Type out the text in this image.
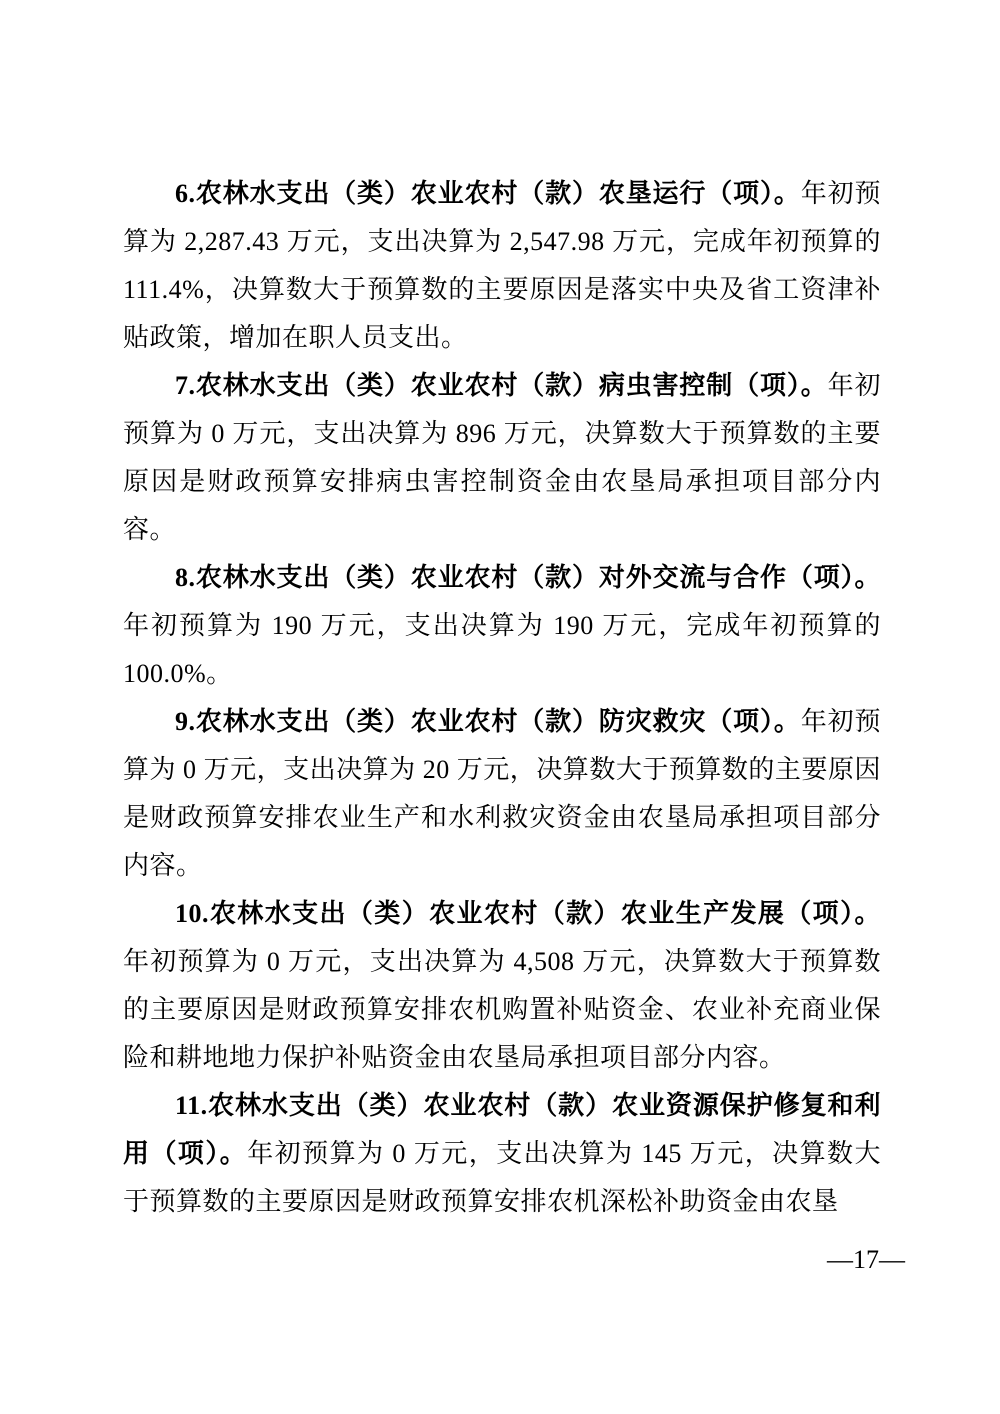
6.农林水支出（类）农业农村（款）农垦运行（项）。年初预算为 2,287.43 万元，支出决算为 2,547.98 万元，完成年初预算的 111.4%，决算数大于预算数的主要原因是落实中央及省工资津补贴政策，增加在职人员支出。

7.农林水支出（类）农业农村（款）病虫害控制（项）。年初预算为 0 万元，支出决算为 896 万元，决算数大于预算数的主要原因是财政预算安排病虫害控制资金由农垦局承担项目部分内容。

8.农林水支出（类）农业农村（款）对外交流与合作（项）。年初预算为 190 万元，支出决算为 190 万元，完成年初预算的 100.0%。

9.农林水支出（类）农业农村（款）防灾救灾（项）。年初预算为 0 万元，支出决算为 20 万元，决算数大于预算数的主要原因是财政预算安排农业生产和水利救灾资金由农垦局承担项目部分内容。

10.农林水支出（类）农业农村（款）农业生产发展（项）。年初预算为 0 万元，支出决算为 4,508 万元，决算数大于预算数的主要原因是财政预算安排农机购置补贴资金、农业补充商业保险和耕地地力保护补贴资金由农垦局承担项目部分内容。

11.农林水支出（类）农业农村（款）农业资源保护修复和利用（项）。年初预算为 0 万元，支出决算为 145 万元，决算数大于预算数的主要原因是财政预算安排农机深松补助资金由农垦

—17—
